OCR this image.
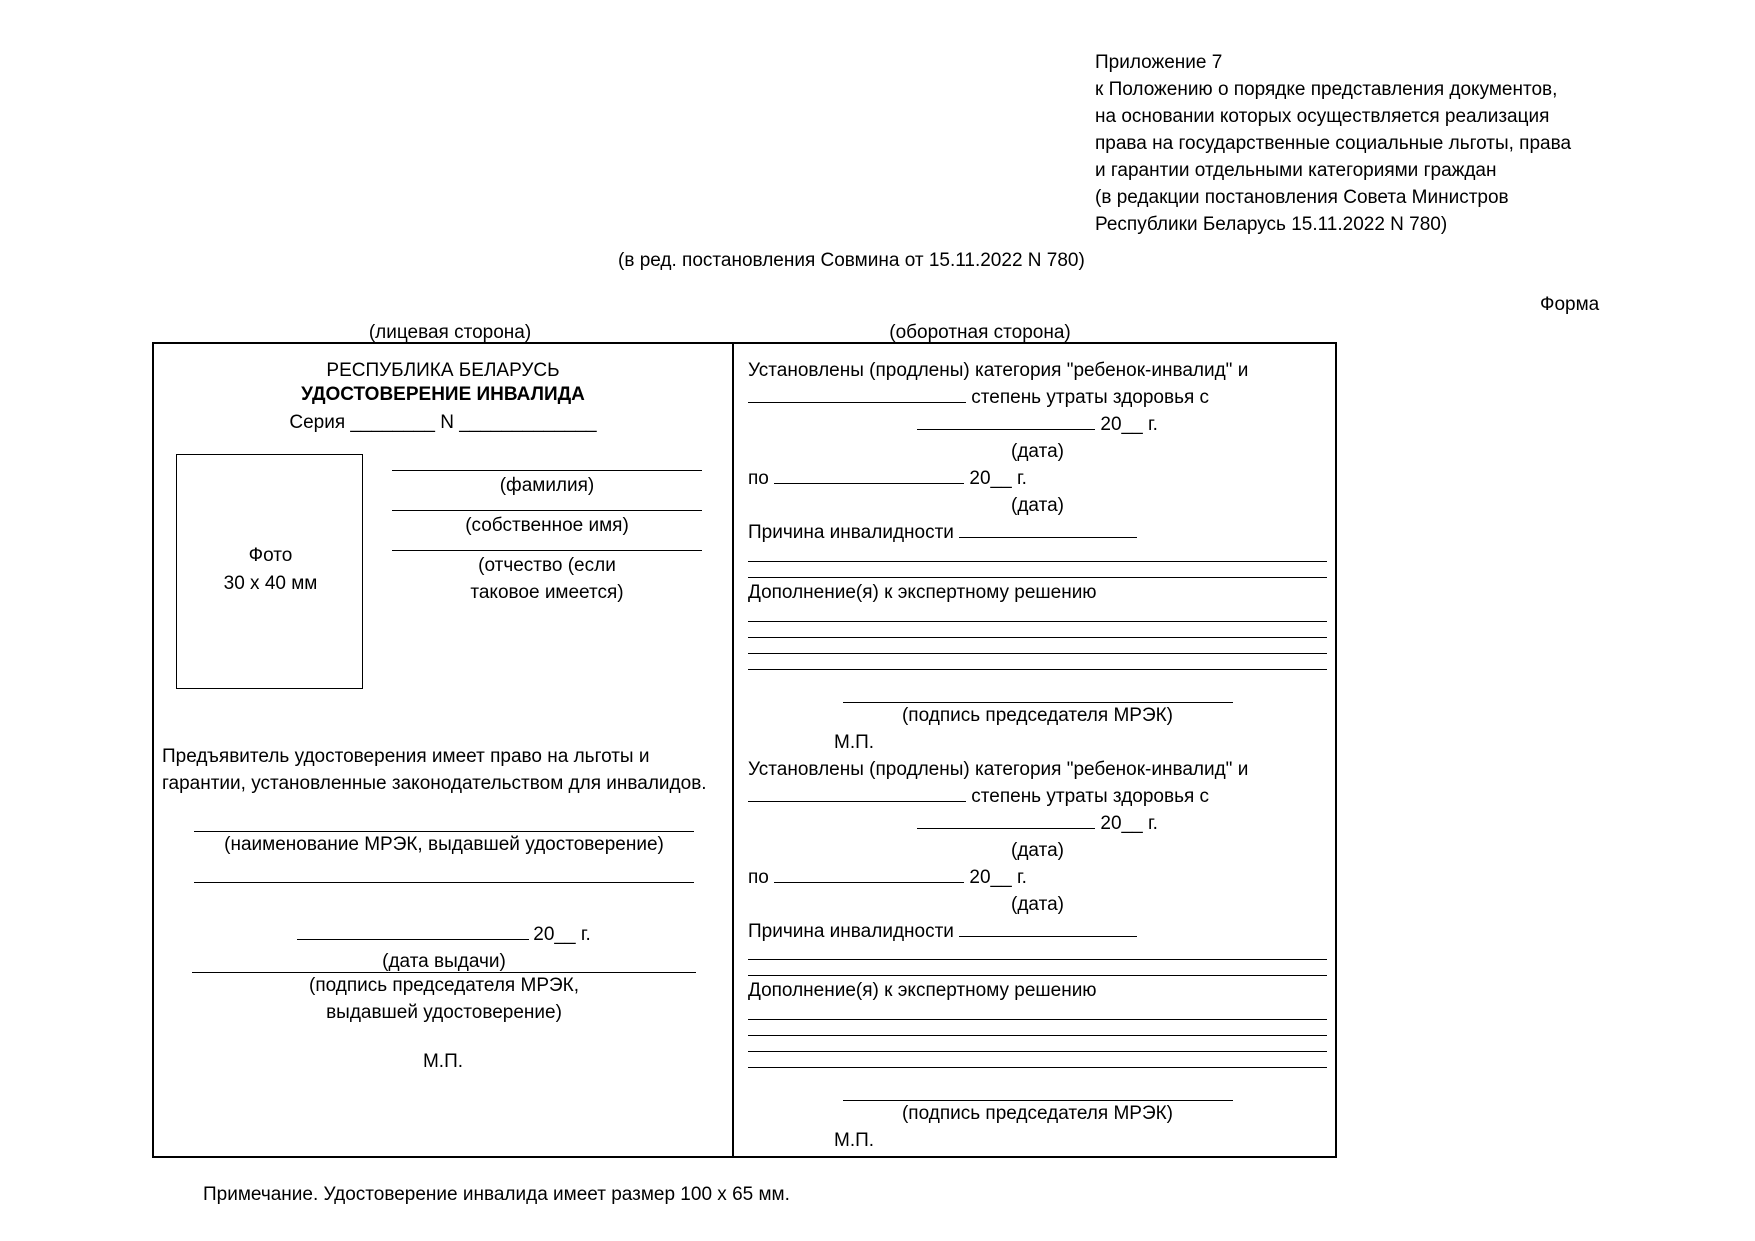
Приложение 7
к Положению о порядке представления документов,
на основании которых осуществляется реализация
права на государственные социальные льготы, права
и гарантии отдельными категориями граждан
(в редакции постановления Совета Министров
Республики Беларусь 15.11.2022 N 780)
(в ред. постановления Совмина от 15.11.2022 N 780)
Форма
(лицевая сторона)	(оборотная сторона)
РЕСПУБЛИКА БЕЛАРУСЬ
УДОСТОВЕРЕНИЕ ИНВАЛИДА
Серия ________ N _____________
Фото
30 x 40 мм
(фамилия)
(собственное имя)
(отчество (если
таковое имеется)
Предъявитель удостоверения имеет право на льготы и гарантии, установленные законодательством для инвалидов.
(наименование МРЭК, выдавшей удостоверение)
20__ г.
(дата выдачи)
(подпись председателя МРЭК,
выдавшей удостоверение)
М.П.
Установлены (продлены) категория "ребенок-инвалид" и
степень утраты здоровья с
20__ г.
(дата)
по	20__ г.
(дата)
Причина инвалидности
Дополнение(я) к экспертному решению
(подпись председателя МРЭК)
М.П.
Установлены (продлены) категория "ребенок-инвалид" и
степень утраты здоровья с
20__ г.
(дата)
по	20__ г.
(дата)
Причина инвалидности
Дополнение(я) к экспертному решению
(подпись председателя МРЭК)
М.П.
Примечание. Удостоверение инвалида имеет размер 100 x 65 мм.
